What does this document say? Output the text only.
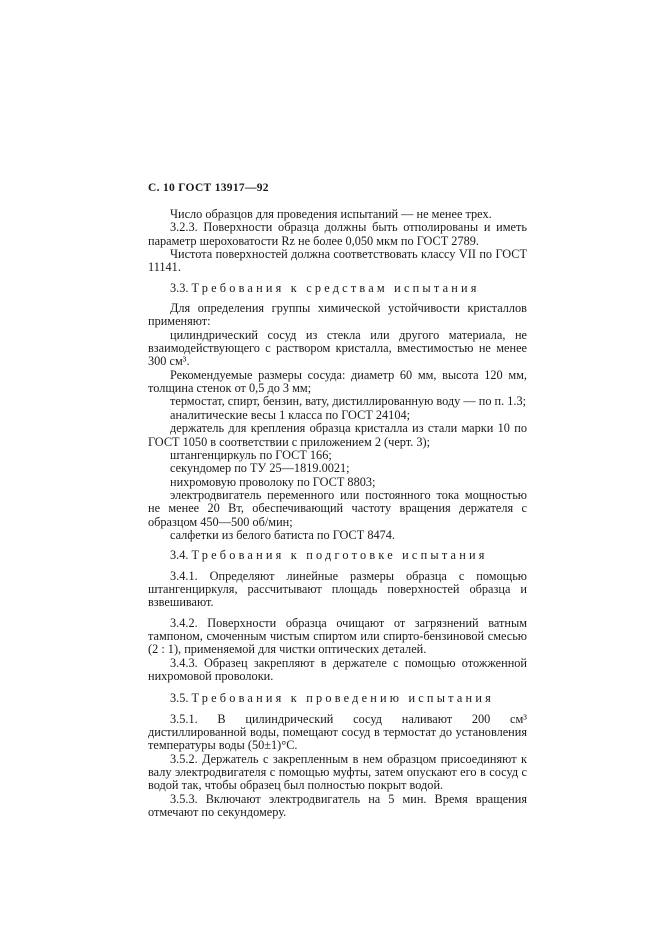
С. 10 ГОСТ 13917—92

Число образцов для проведения испытаний — не менее трех.

3.2.3. Поверхности образца должны быть отполированы и иметь параметр шероховатости Rz не более 0,050 мкм по ГОСТ 2789.

Чистота поверхностей должна соответствовать классу VII по ГОСТ 11141.

3.3. Требования к средствам испытания

Для определения группы химической устойчивости кристаллов применяют:

цилиндрический сосуд из стекла или другого материала, не взаимодействующего с раствором кристалла, вместимостью не менее 300 см³.

Рекомендуемые размеры сосуда: диаметр 60 мм, высота 120 мм, толщина стенок от 0,5 до 3 мм;

термостат, спирт, бензин, вату, дистиллированную воду — по п. 1.3;

аналитические весы 1 класса по ГОСТ 24104;

держатель для крепления образца кристалла из стали марки 10 по ГОСТ 1050 в соответствии с приложением 2 (черт. 3);

штангенциркуль по ГОСТ 166;

секундомер по ТУ 25—1819.0021;

нихромовую проволоку по ГОСТ 8803;

электродвигатель переменного или постоянного тока мощностью не менее 20 Вт, обеспечивающий частоту вращения держателя с образцом 450—500 об/мин;

салфетки из белого батиста по ГОСТ 8474.

3.4. Требования к подготовке испытания

3.4.1. Определяют линейные размеры образца с помощью штангенциркуля, рассчитывают площадь поверхностей образца и взвешивают.

3.4.2. Поверхности образца очищают от загрязнений ватным тампоном, смоченным чистым спиртом или спирто-бензиновой смесью (2 : 1), применяемой для чистки оптических деталей.

3.4.3. Образец закрепляют в держателе с помощью отожженной нихромовой проволоки.

3.5. Требования к проведению испытания

3.5.1. В цилиндрический сосуд наливают 200 см³ дистиллированной воды, помещают сосуд в термостат до установления температуры воды (50±1)°С.

3.5.2. Держатель с закрепленным в нем образцом присоединяют к валу электродвигателя с помощью муфты, затем опускают его в сосуд с водой так, чтобы образец был полностью покрыт водой.

3.5.3. Включают электродвигатель на 5 мин. Время вращения отмечают по секундомеру.
